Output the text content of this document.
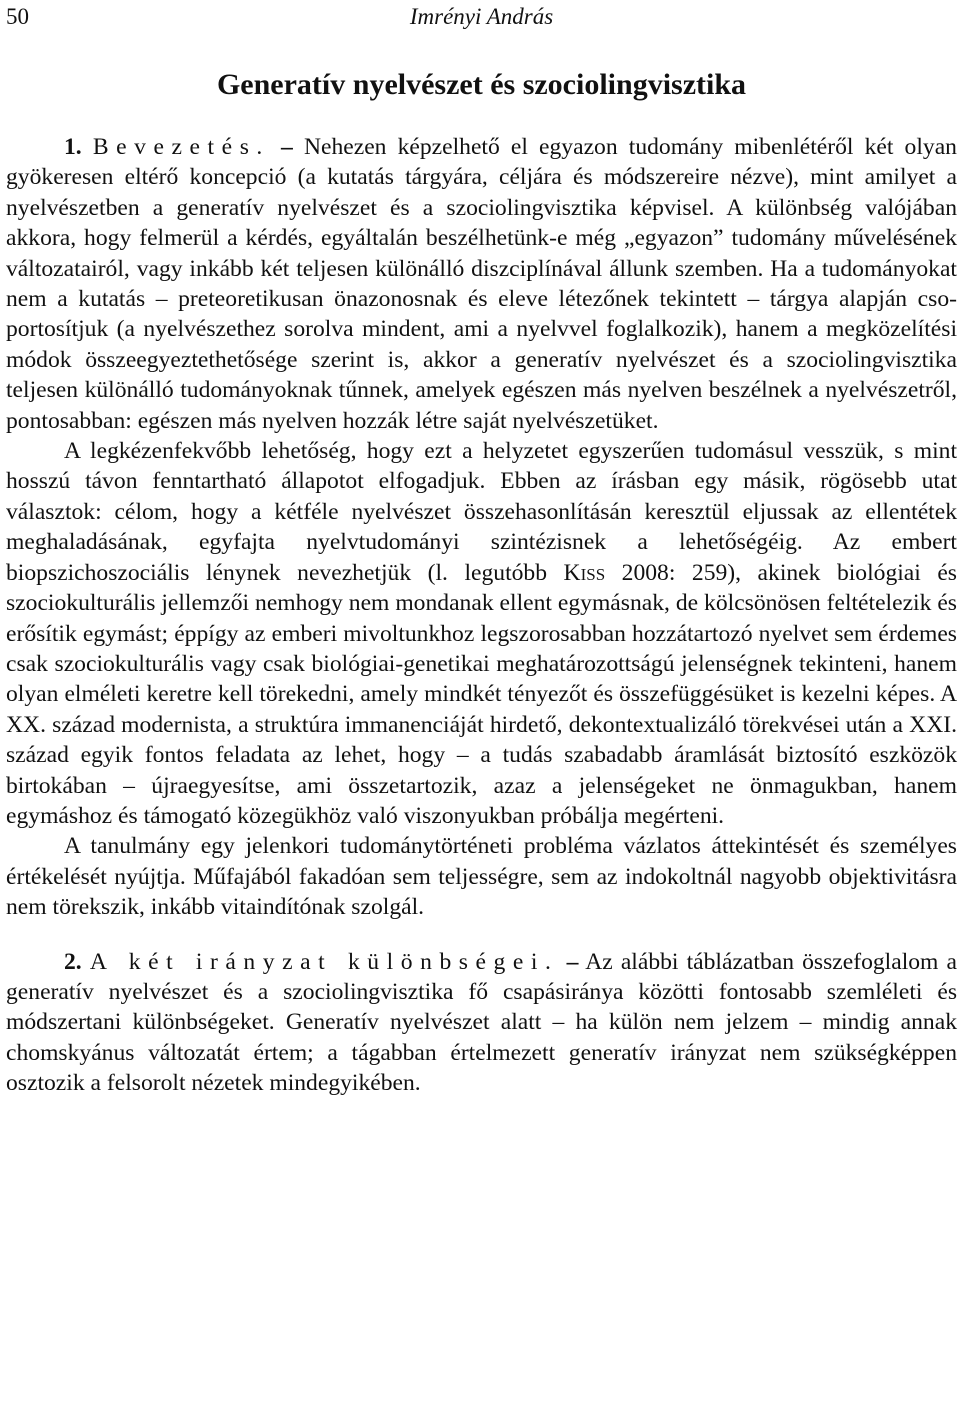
50	Imrényi András
Generatív nyelvészet és szociolingvisztika

1. Bevezetés. – Nehezen képzelhető el egyazon tudomány mibenlétéről két olyan gyökeresen eltérő koncepció (a kutatás tárgyára, céljára és módszereire nézve), mint amilyet a nyelvészetben a generatív nyelvészet és a szociolingvisztika képvisel. A különbség valójában akkora, hogy felmerül a kérdés, egyáltalán beszélhetünk-e még „egyazon” tudomány művelésének változatairól, vagy inkább két teljesen különálló diszciplínával állunk szemben. Ha a tudományokat nem a kutatás – preteoretikusan önazonosnak és eleve létezőnek tekintett – tárgya alapján csoportosítjuk (a nyelvészethez sorolva mindent, ami a nyelvvel foglalkozik), hanem a megközelítési módok összeegyeztethetősége szerint is, akkor a generatív nyelvészet és a szociolingvisztika teljesen különálló tudományoknak tűnnek, amelyek egészen más nyelven beszélnek a nyelvészetről, pontosabban: egészen más nyelven hozzák létre saját nyelvészetüket.

A legkézenfekvőbb lehetőség, hogy ezt a helyzetet egyszerűen tudomásul vesszük, s mint hosszú távon fenntartható állapotot elfogadjuk. Ebben az írásban egy másik, rögösebb utat választok: célom, hogy a kétféle nyelvészet összehasonlításán keresztül eljussak az ellentétek meghaladásának, egyfajta nyelvtudományi szintézisnek a lehetőségéig. Az embert biopszichoszociális lénynek nevezhetjük (l. legutóbb Kiss 2008: 259), akinek biológiai és szociokulturális jellemzői nemhogy nem mondanak ellent egymásnak, de kölcsönösen feltételezik és erősítik egymást; éppígy az emberi mivoltunkhoz legszorosabban hozzátartozó nyelvet sem érdemes csak szociokulturális vagy csak biológiai-genetikai meghatározottságú jelenségnek tekinteni, hanem olyan elméleti keretre kell törekedni, amely mindkét tényezőt és összefüggésüket is kezelni képes. A XX. század modernista, a struktúra immanenciáját hirdető, dekontextualizáló törekvései után a XXI. század egyik fontos feladata az lehet, hogy – a tudás szabadabb áramlását biztosító eszközök birtokában – újraegyesítse, ami összetartozik, azaz a jelenségeket ne önmagukban, hanem egymáshoz és támogató közegükhöz való viszonyukban próbálja megérteni.

A tanulmány egy jelenkori tudománytörténeti probléma vázlatos áttekintését és személyes értékelését nyújtja. Műfajából fakadóan sem teljességre, sem az indokoltnál nagyobb objektivitásra nem törekszik, inkább vitaindítónak szolgál.

2. A két irányzat különbségei. – Az alábbi táblázatban összefoglalom a generatív nyelvészet és a szociolingvisztika fő csapásiránya közötti fontosabb szemléleti és módszertani különbségeket. Generatív nyelvészet alatt – ha külön nem jelzem – mindig annak chomskyánus változatát értem; a tágabban értelmezett generatív irányzat nem szükségképpen osztozik a felsorolt nézetek mindegyikében.
